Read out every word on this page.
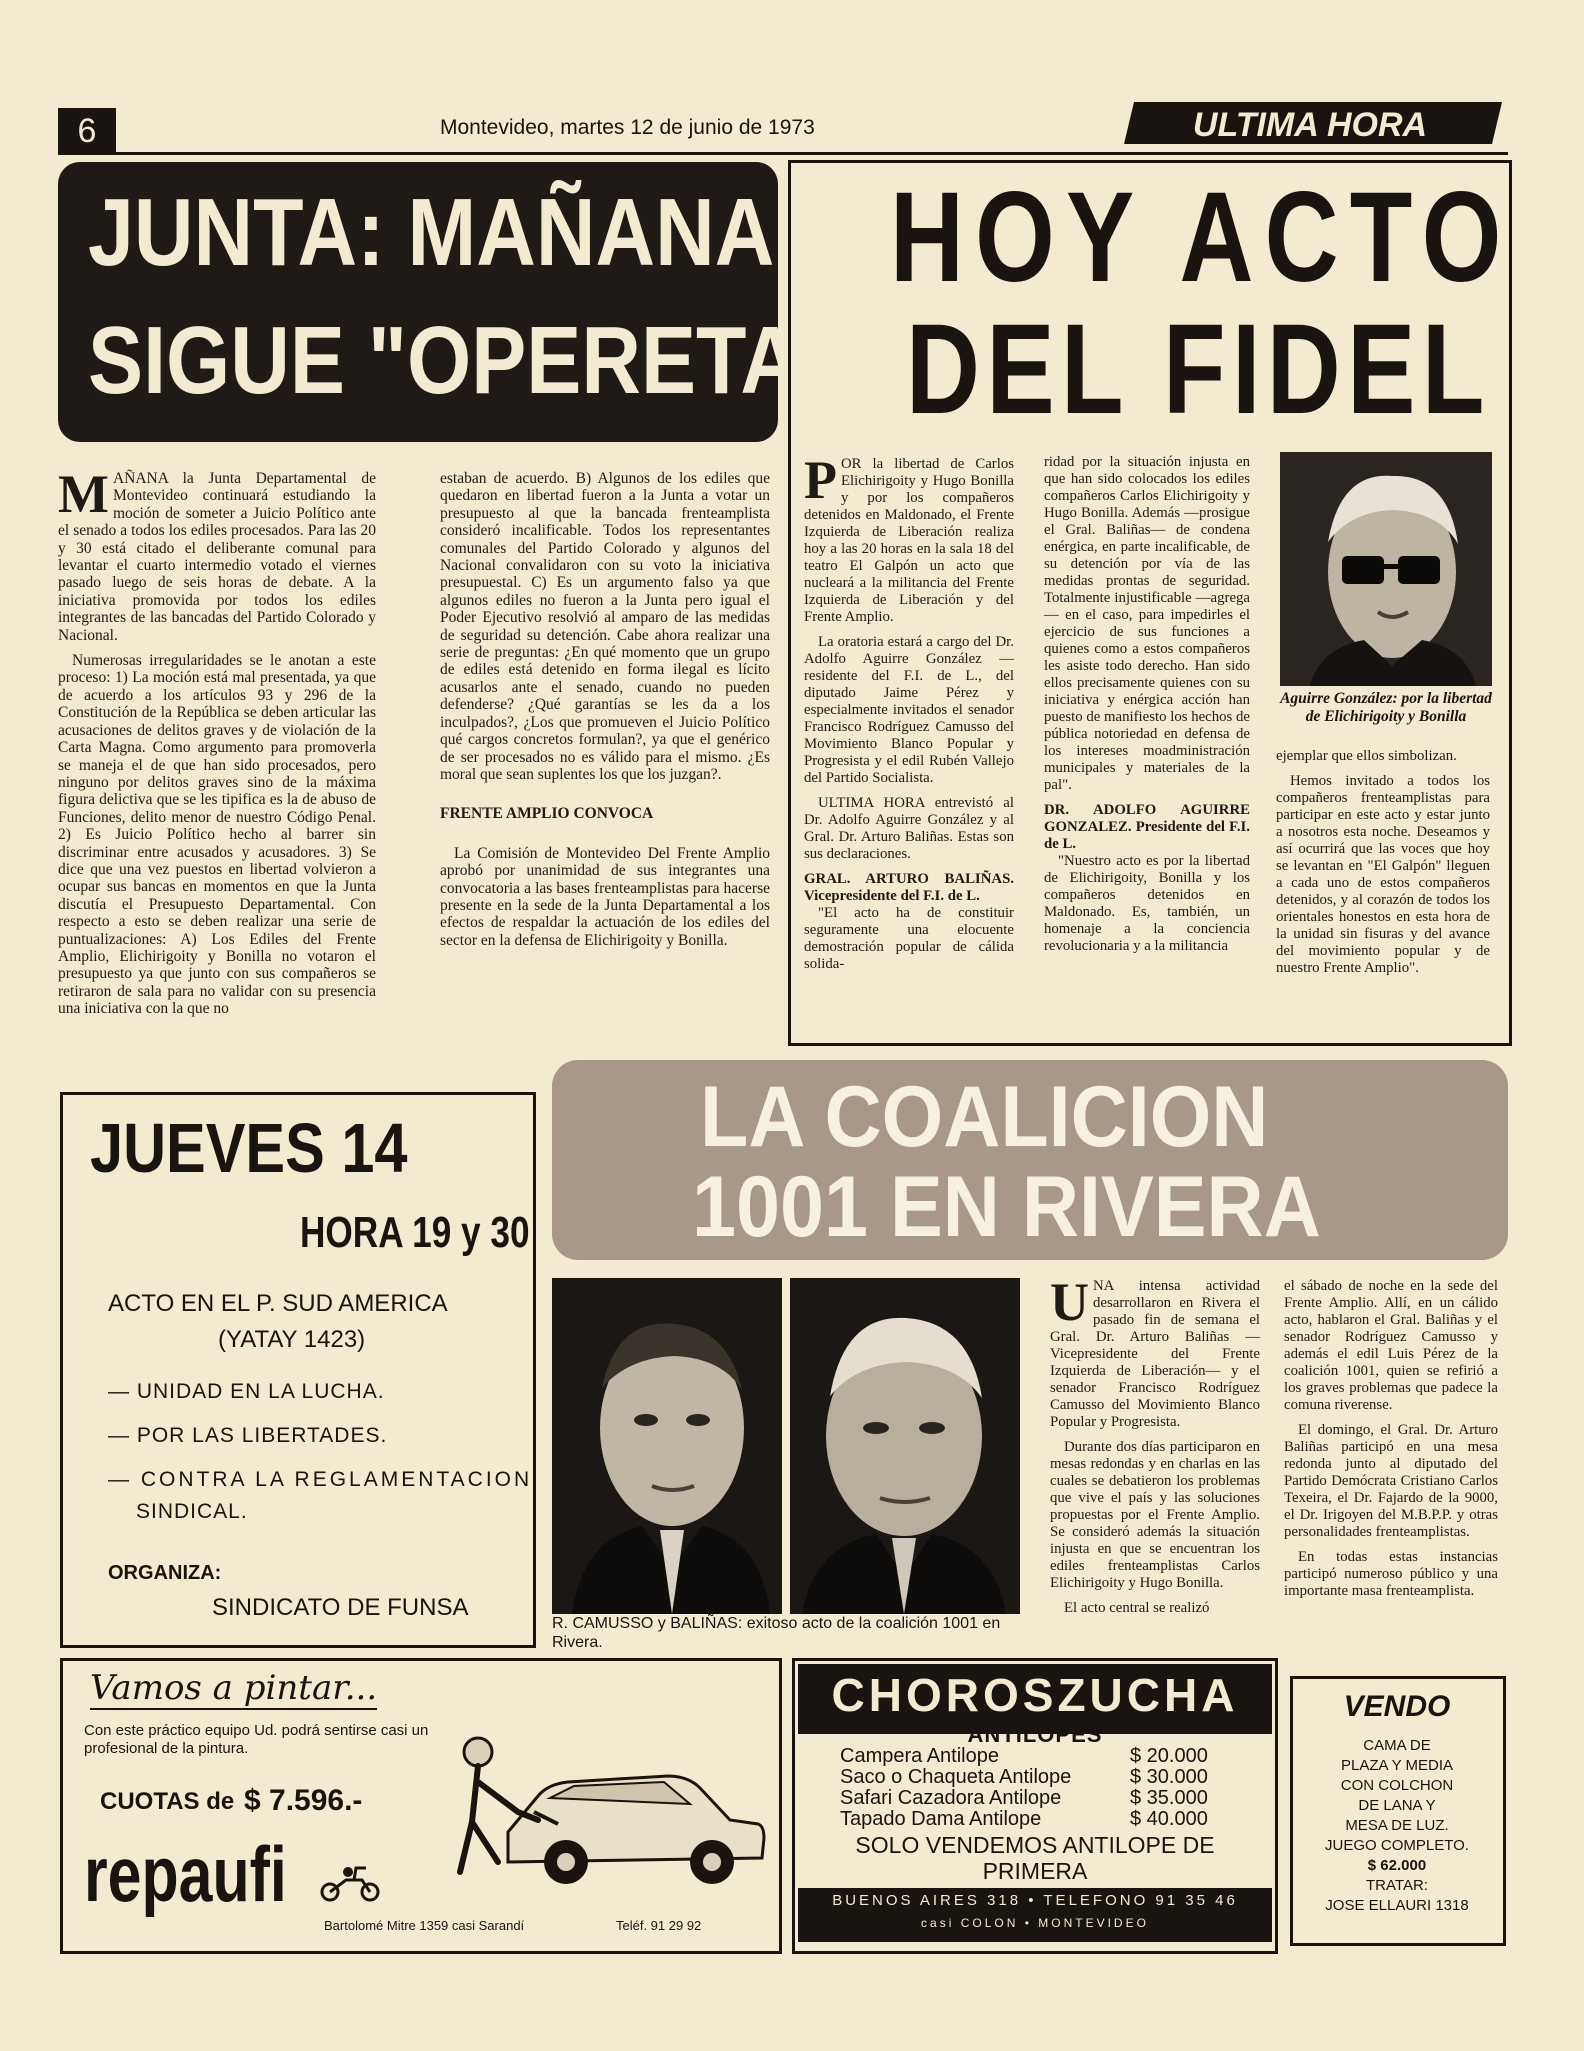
6	Montevideo, martes 12 de junio de 1973	ULTIMA HORA
JUNTA: MAÑANA
SIGUE "OPERETA"

MAÑANA la Junta Departamental de Montevideo continuará estudiando la moción de someter a Juicio Político ante el senado a todos los ediles procesados. Para las 20 y 30 está citado el deliberante comunal para levantar el cuarto intermedio votado el viernes pasado luego de seis horas de debate. A la iniciativa promovida por todos los ediles integrantes de las bancadas del Partido Colorado y Nacional.

Numerosas irregularidades se le anotan a este proceso: 1) La moción está mal presentada, ya que de acuerdo a los artículos 93 y 296 de la Constitución de la República se deben articular las acusaciones de delitos graves y de violación de la Carta Magna. Como argumento para promoverla se maneja el de que han sido procesados, pero ninguno por delitos graves sino de la máxima figura delictiva que se les tipifica es la de abuso de Funciones, delito menor de nuestro Código Penal. 2) Es Juicio Político hecho al barrer sin discriminar entre acusados y acusadores. 3) Se dice que una vez puestos en libertad volvieron a ocupar sus bancas en momentos en que la Junta discutía el Presupuesto Departamental. Con respecto a esto se deben realizar una serie de puntualizaciones: A) Los Ediles del Frente Amplio, Elichirigoity y Bonilla no votaron el presupuesto ya que junto con sus compañeros se retiraron de sala para no validar con su presencia una iniciativa con la que no

estaban de acuerdo. B) Algunos de los ediles que quedaron en libertad fueron a la Junta a votar un presupuesto al que la bancada frenteamplista consideró incalificable. Todos los representantes comunales del Partido Colorado y algunos del Nacional convalidaron con su voto la iniciativa presupuestal. C) Es un argumento falso ya que algunos ediles no fueron a la Junta pero igual el Poder Ejecutivo resolvió al amparo de las medidas de seguridad su detención. Cabe ahora realizar una serie de preguntas: ¿En qué momento que un grupo de ediles está detenido en forma ilegal es lícito acusarlos ante el senado, cuando no pueden defenderse? ¿Qué garantías se les da a los inculpados?, ¿Los que promueven el Juicio Político qué cargos concretos formulan?, ya que el genérico de ser procesados no es válido para el mismo. ¿Es moral que sean suplentes los que los juzgan?.

FRENTE AMPLIO CONVOCA

La Comisión de Montevideo Del Frente Amplio aprobó por unanimidad de sus integrantes una convocatoria a las bases frenteamplistas para hacerse presente en la sede de la Junta Departamental a los efectos de respaldar la actuación de los ediles del sector en la defensa de Elichirigoity y Bonilla.

HOY ACTO
DEL FIDEL

POR la libertad de Carlos Elichirigoity y Hugo Bonilla y por los compañeros detenidos en Maldonado, el Frente Izquierda de Liberación realiza hoy a las 20 horas en la sala 18 del teatro El Galpón un acto que nucleará a la militancia del Frente Izquierda de Liberación y del Frente Amplio.

La oratoria estará a cargo del Dr. Adolfo Aguirre González —residente del F.I. de L., del diputado Jaime Pérez y especialmente invitados el senador Francisco Rodríguez Camusso del Movimiento Blanco Popular y Progresista y el edil Rubén Vallejo del Partido Socialista.

ULTIMA HORA entrevistó al Dr. Adolfo Aguirre González y al Gral. Dr. Arturo Baliñas. Estas son sus declaraciones.

GRAL. ARTURO BALIÑAS. Vicepresidente del F.I. de L.

"El acto ha de constituir seguramente una elocuente demostración popular de cálida solida-

ridad por la situación injusta en que han sido colocados los ediles compañeros Carlos Elichirigoity y Hugo Bonilla. Además —prosigue el Gral. Baliñas— de condena enérgica, en parte incalificable, de su detención por vía de las medidas prontas de seguridad. Totalmente injustificable —agrega— en el caso, para impedirles el ejercicio de sus funciones a quienes como a estos compañeros les asiste todo derecho. Han sido ellos precisamente quienes con su iniciativa y enérgica acción han puesto de manifiesto los hechos de pública notoriedad en defensa de los intereses moadministración municipales y materiales de la pal".

DR. ADOLFO AGUIRRE GONZALEZ. Presidente del F.I. de L.

"Nuestro acto es por la libertad de Elichirigoity, Bonilla y los compañeros detenidos en Maldonado. Es, también, un homenaje a la conciencia revolucionaria y a la militancia

Aguirre González: por la libertad de Elichirigoity y Bonilla

ejemplar que ellos simbolizan.

Hemos invitado a todos los compañeros frenteamplistas para participar en este acto y estar junto a nosotros esta noche. Deseamos y así ocurrirá que las voces que hoy se levantan en "El Galpón" lleguen a cada uno de estos compañeros detenidos, y al corazón de todos los orientales honestos en esta hora de la unidad sin fisuras y del avance del movimiento popular y de nuestro Frente Amplio".

JUEVES 14
HORA 19 y 30
ACTO EN EL P. SUD AMERICA
(YATAY 1423)
— UNIDAD EN LA LUCHA.
— POR LAS LIBERTADES.
— CONTRA LA REGLAMENTACION
SINDICAL.
ORGANIZA:
SINDICATO DE FUNSA
LA COALICION
1001 EN RIVERA
R. CAMUSSO y BALIÑAS: exitoso acto de la coalición 1001 en Rivera.

UNA intensa actividad desarrollaron en Rivera el pasado fin de semana el Gral. Dr. Arturo Baliñas —Vicepresidente del Frente Izquierda de Liberación— y el senador Francisco Rodríguez Camusso del Movimiento Blanco Popular y Progresista.

Durante dos días participaron en mesas redondas y en charlas en las cuales se debatieron los problemas que vive el país y las soluciones propuestas por el Frente Amplio. Se consideró además la situación injusta en que se encuentran los ediles frenteamplistas Carlos Elichirigoity y Hugo Bonilla.

El acto central se realizó

el sábado de noche en la sede del Frente Amplio. Allí, en un cálido acto, hablaron el Gral. Baliñas y el senador Rodríguez Camusso y además el edil Luis Pérez de la coalición 1001, quien se refirió a los graves problemas que padece la comuna riverense.

El domingo, el Gral. Dr. Arturo Baliñas participó en una mesa redonda junto al diputado del Partido Demócrata Cristiano Carlos Texeira, el Dr. Fajardo de la 9000, el Dr. Irigoyen del M.B.P.P. y otras personalidades frenteamplistas.

En todas estas instancias participó numeroso público y una importante masa frenteamplista.

Vamos a pintar...
Con este práctico equipo Ud. podrá sentirse casi un profesional de la pintura.
CUOTAS de $ 7.596.-
repaufi
Bartolomé Mitre 1359 casi Sarandí	Teléf. 91 29 92
CHOROSZUCHA
ANTILOPES
Campera Antilope	$ 20.000
Saco o Chaqueta Antilope	$ 30.000
Safari Cazadora Antilope	$ 35.000
Tapado Dama Antilope	$ 40.000
SOLO VENDEMOS ANTILOPE DE
PRIMERA
BUENOS AIRES 318 • TELEFONO 91 35 46
casi COLON • MONTEVIDEO
VENDO
CAMA DE
PLAZA Y MEDIA
CON COLCHON
DE LANA Y
MESA DE LUZ.
JUEGO COMPLETO.
$ 62.000
TRATAR:
JOSE ELLAURI 1318
